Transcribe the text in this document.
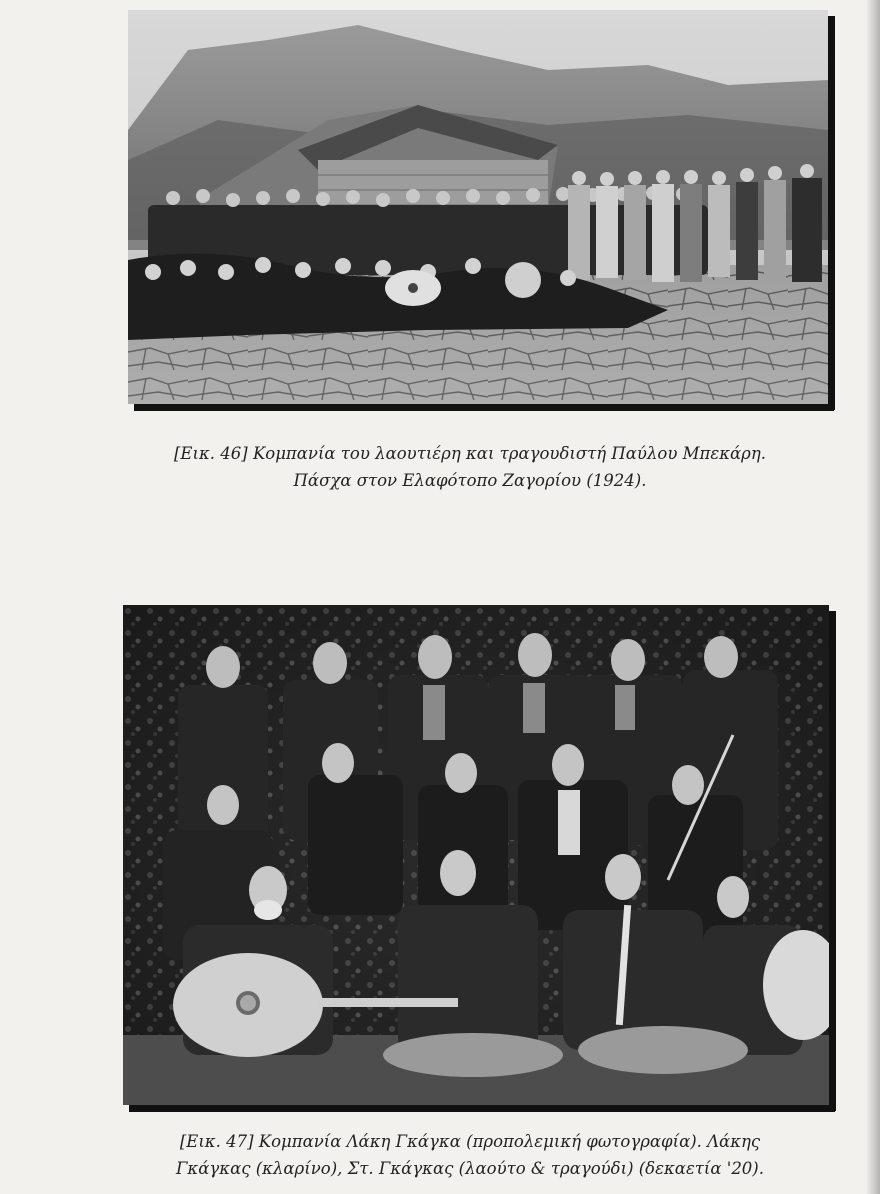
[Εικ. 46] Κομπανία του λαουτιέρη και τραγουδιστή Παύλου Μπεκάρη.
Πάσχα στον Ελαφότοπο Ζαγορίου (1924).
[Εικ. 47] Κομπανία Λάκη Γκάγκα (προπολεμική φωτογραφία). Λάκης
Γκάγκας (κλαρίνο), Στ. Γκάγκας (λαούτο & τραγούδι) (δεκαετία '20).
